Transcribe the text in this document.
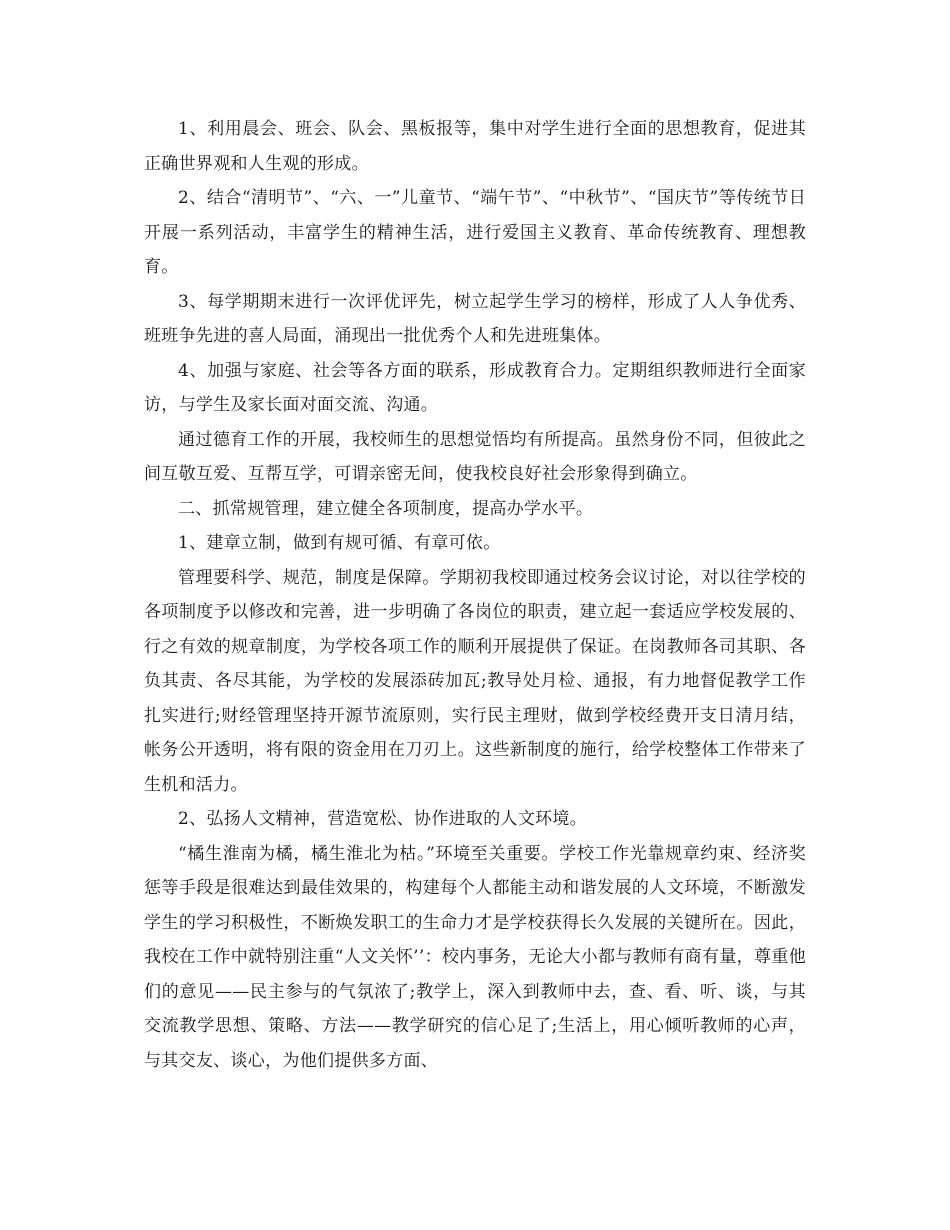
1、利用晨会、班会、队会、黑板报等，集中对学生进行全面的思想教育，促进其正确世界观和人生观的形成。

2、结合“清明节”、“六、一”儿童节、“端午节”、“中秋节”、“国庆节”等传统节日开展一系列活动，丰富学生的精神生活，进行爱国主义教育、革命传统教育、理想教育。

3、每学期期末进行一次评优评先，树立起学生学习的榜样，形成了人人争优秀、班班争先进的喜人局面，涌现出一批优秀个人和先进班集体。

4、加强与家庭、社会等各方面的联系，形成教育合力。定期组织教师进行全面家访，与学生及家长面对面交流、沟通。

通过德育工作的开展，我校师生的思想觉悟均有所提高。虽然身份不同，但彼此之间互敬互爱、互帮互学，可谓亲密无间，使我校良好社会形象得到确立。

二、抓常规管理，建立健全各项制度，提高办学水平。

1、建章立制，做到有规可循、有章可依。

管理要科学、规范，制度是保障。学期初我校即通过校务会议讨论，对以往学校的各项制度予以修改和完善，进一步明确了各岗位的职责，建立起一套适应学校发展的、行之有效的规章制度，为学校各项工作的顺利开展提供了保证。在岗教师各司其职、各负其责、各尽其能，为学校的发展添砖加瓦;教导处月检、通报，有力地督促教学工作扎实进行;财经管理坚持开源节流原则，实行民主理财，做到学校经费开支日清月结，帐务公开透明，将有限的资金用在刀刃上。这些新制度的施行，给学校整体工作带来了生机和活力。

2、弘扬人文精神，营造宽松、协作进取的人文环境。

“橘生淮南为橘，橘生淮北为枯。”环境至关重要。学校工作光靠规章约束、经济奖惩等手段是很难达到最佳效果的，构建每个人都能主动和谐发展的人文环境，不断激发学生的学习积极性，不断焕发职工的生命力才是学校获得长久发展的关键所在。因此，我校在工作中就特别注重“人文关怀’’：校内事务，无论大小都与教师有商有量，尊重他们的意见——民主参与的气氛浓了;教学上，深入到教师中去，查、看、听、谈，与其交流教学思想、策略、方法——教学研究的信心足了;生活上，用心倾听教师的心声，与其交友、谈心，为他们提供多方面、
